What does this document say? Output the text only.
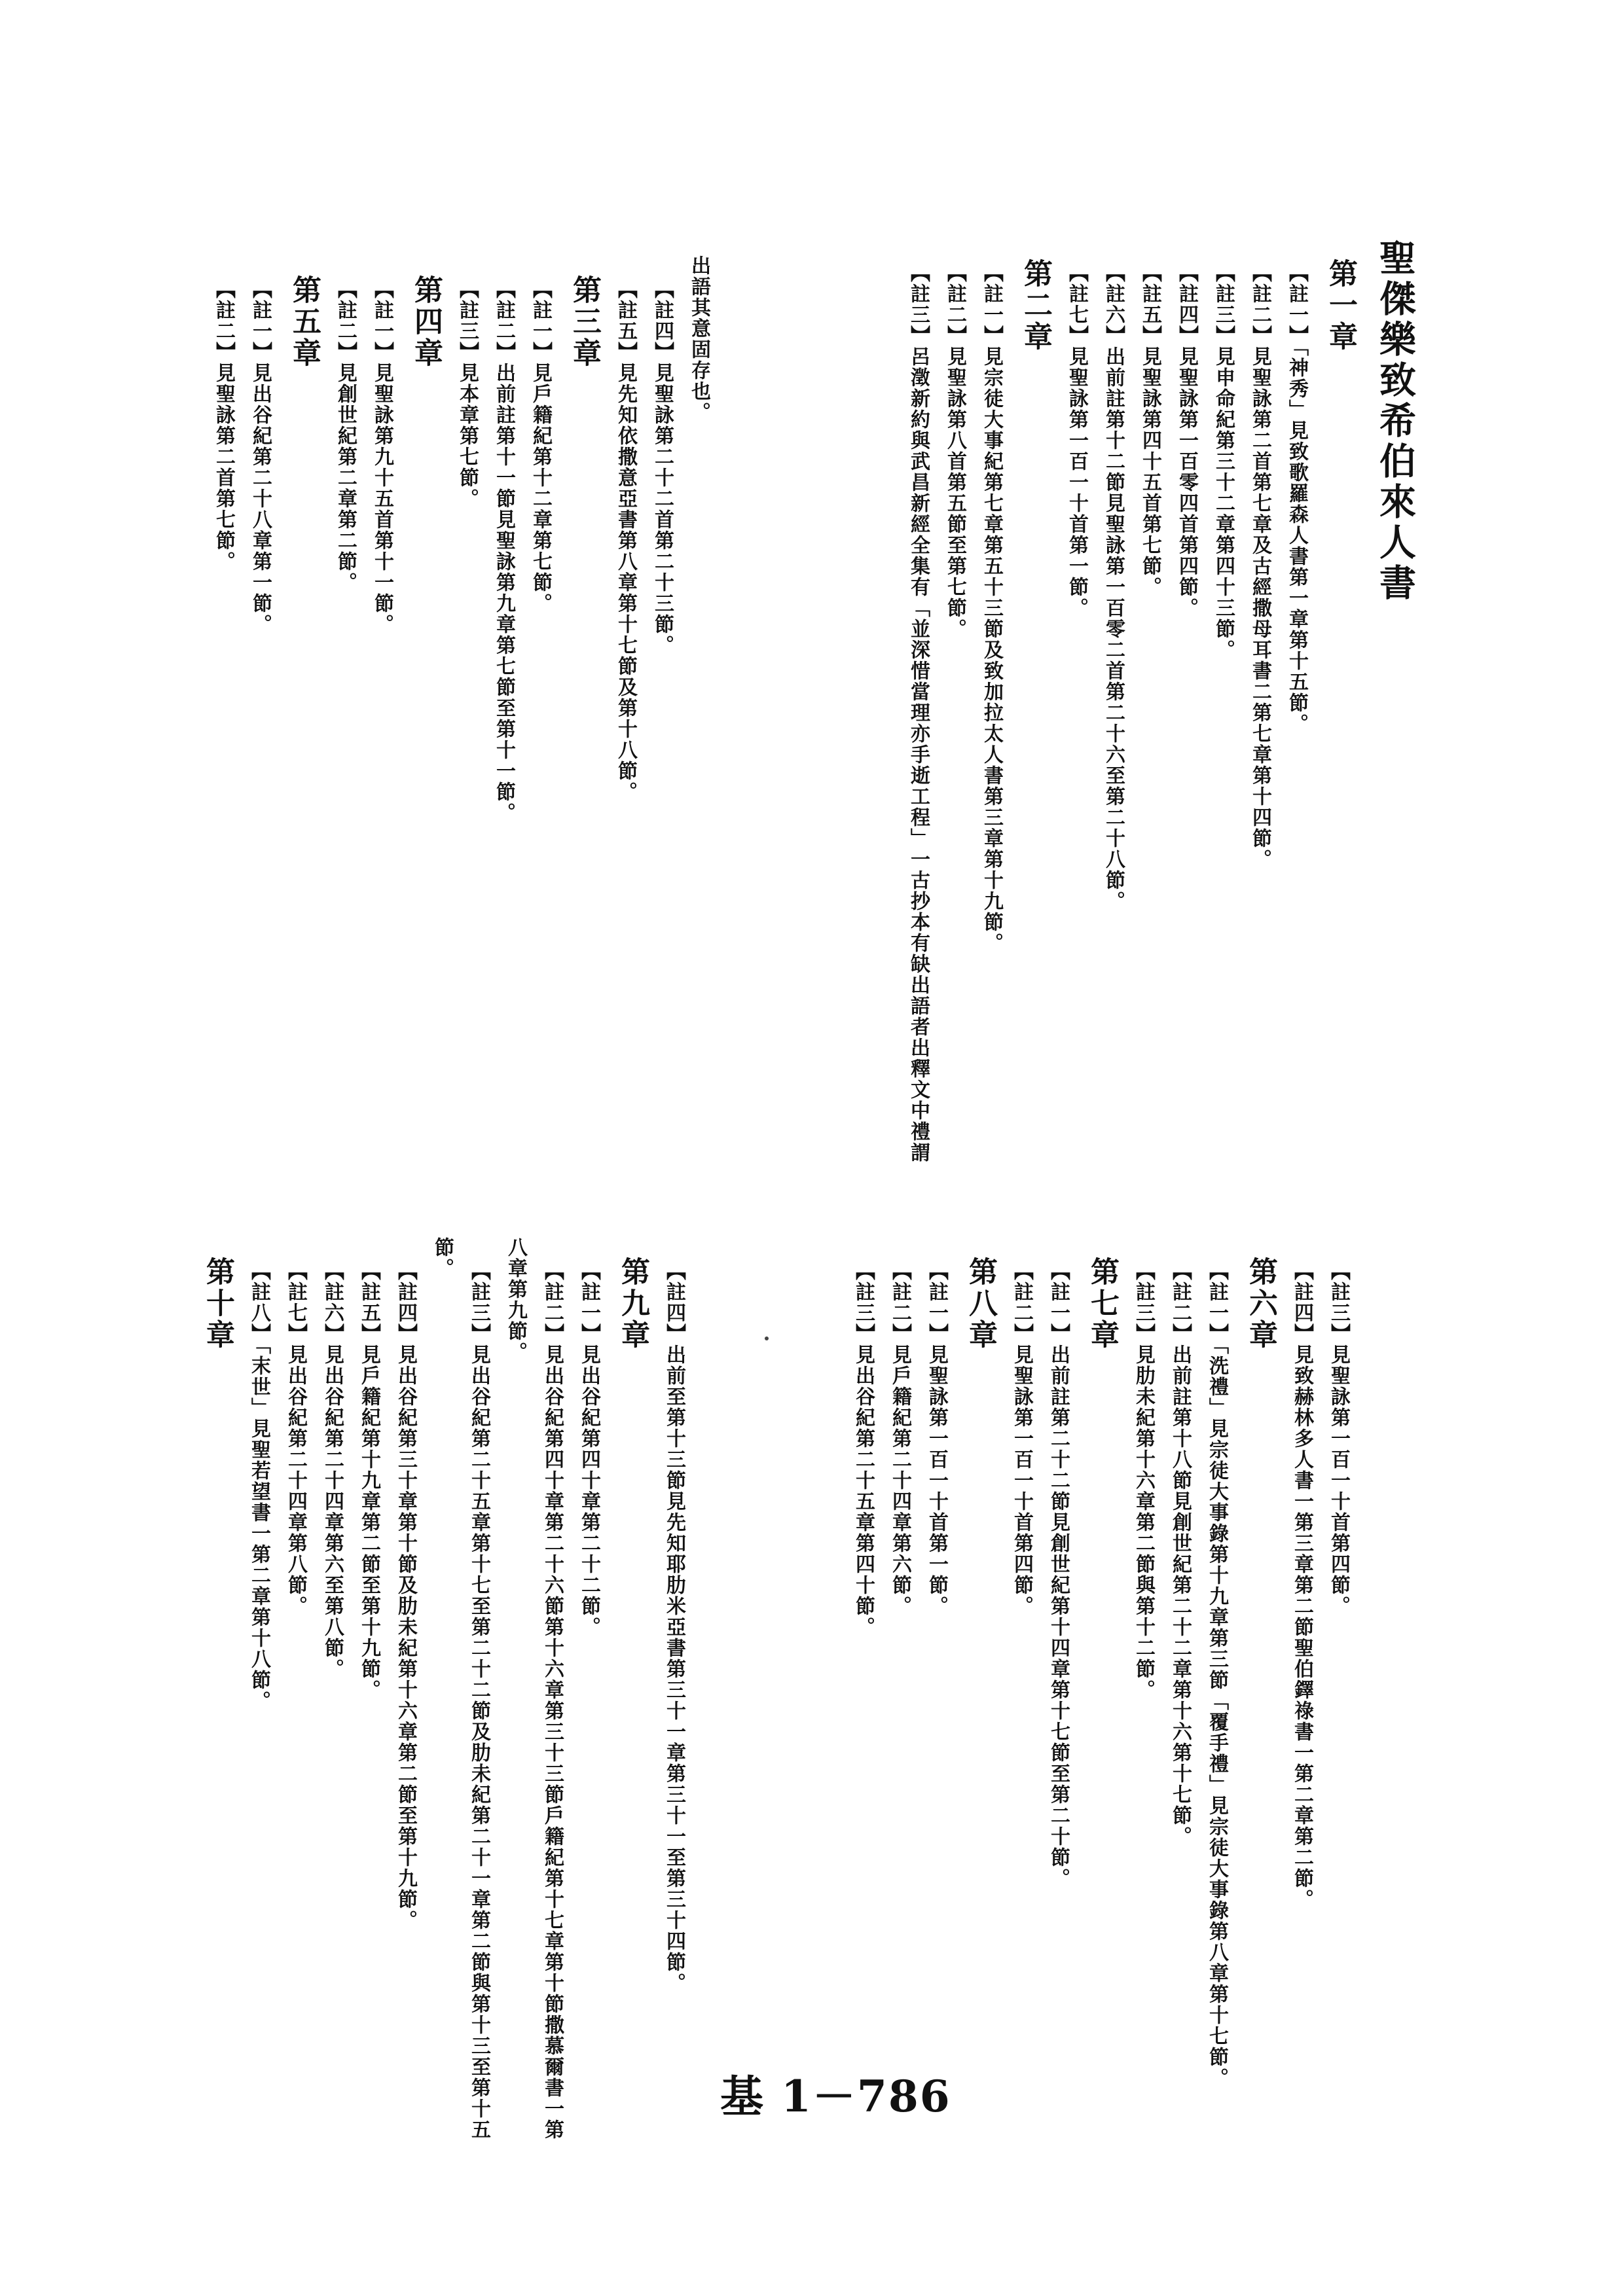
聖傑樂致希伯來人書
第一章
【註一】「神秀」見致歌羅森人書第一章第十五節。
【註二】見聖詠第二首第七章及古經撒母耳書二第七章第十四節。
【註三】見申命紀第三十二章第四十三節。
【註四】見聖詠第一百零四首第四節。
【註五】見聖詠第四十五首第七節。
【註六】出前註第十二節見聖詠第一百零二首第二十六至第二十八節。
【註七】見聖詠第一百一十首第一節。
第二章
【註一】見宗徒大事紀第七章第五十三節及致加拉太人書第三章第十九節。
【註二】見聖詠第八首第五節至第七節。
【註三】呂澂新約與武昌新經全集有「並深惜當理亦手逝工程」一古抄本有缺出語者出釋文中禮謂
出語其意固存也。
【註四】見聖詠第二十二首第二十三節。
【註五】見先知依撒意亞書第八章第十七節及第十八節。
第三章
【註一】見戶籍紀第十二章第七節。
【註二】出前註第十一節見聖詠第九章第七節至第十一節。
【註三】見本章第七節。
第四章
【註一】見聖詠第九十五首第十一節。
【註二】見創世紀第二章第二節。
第五章
【註一】見出谷紀第二十八章第一節。
【註二】見聖詠第二首第七節。
【註三】見聖詠第一百一十首第四節。
【註四】見致赫林多人書一第三章第二節聖伯鐸祿書一第二章第二節。
第六章
【註一】「洗禮」見宗徒大事錄第十九章第三節「覆手禮」見宗徒大事錄第八章第十七節。
【註二】出前註第十八節見創世紀第二十二章第十六第十七節。
【註三】見肋未紀第十六章第二節與第十二節。
第七章
【註一】出前註第二十二節見創世紀第十四章第十七節至第二十節。
【註二】見聖詠第一百一十首第四節。
第八章
【註一】見聖詠第一百一十首第一節。
【註二】見戶籍紀第二十四章第六節。
【註三】見出谷紀第二十五章第四十節。
【註四】出前至第十三節見先知耶肋米亞書第三十一章第三十一至第三十四節。
第九章
【註一】見出谷紀第四十章第二十二節。
【註二】見出谷紀第四十章第二十六節第十六章第三十三節戶籍紀第十七章第十節撒慕爾書一第
八章第九節。
【註三】見出谷紀第二十五章第十七至第二十二節及肋未紀第二十一章第二節與第十三至第十五
節。
【註四】見出谷紀第三十章第十節及肋未紀第十六章第二節至第十九節。
【註五】見戶籍紀第十九章第二節至第十九節。
【註六】見出谷紀第二十四章第六至第八節。
【註七】見出谷紀第二十四章第八節。
【註八】「末世」見聖若望書一第二章第十八節。
第十章
基 1－786
